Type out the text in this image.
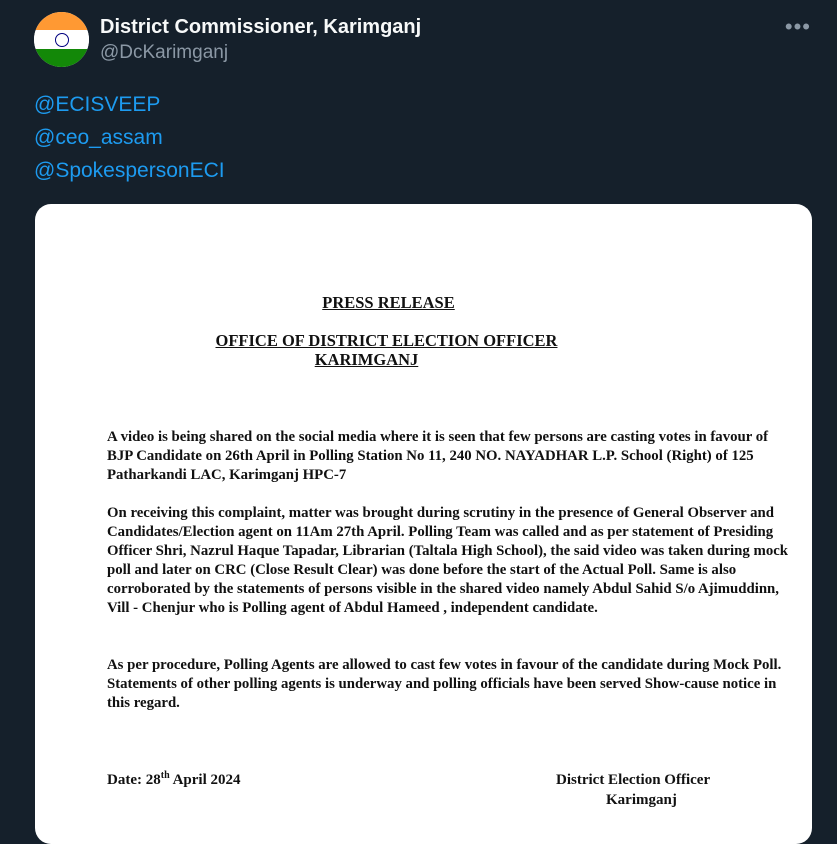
District Commissioner, Karimganj
@DcKarimganj
•••
@ECISVEEP
@ceo_assam
@SpokespersonECI
PRESS RELEASE
OFFICE OF DISTRICT ELECTION OFFICER
KARIMGANJ
A video is being shared on the social media where it is seen that few persons are casting votes in favour of BJP Candidate on 26th April in Polling Station No 11, 240 NO. NAYADHAR L.P. School (Right) of 125 Patharkandi LAC, Karimganj HPC-7
On receiving this complaint, matter was brought during scrutiny in the presence of General Observer and Candidates/Election agent on 11Am 27th April. Polling Team was called and as per statement of Presiding Officer Shri, Nazrul Haque Tapadar, Librarian (Taltala High School), the said video was taken during mock poll and later on CRC (Close Result Clear) was done before the start of the Actual Poll. Same is also corroborated by the statements of persons visible in the shared video namely Abdul Sahid S/o Ajimuddinn, Vill - Chenjur who is Polling agent of Abdul Hameed , independent candidate.
As per procedure, Polling Agents are allowed to cast few votes in favour of the candidate during Mock Poll. Statements of other polling agents is underway and polling officials have been served Show-cause notice in this regard.
Date: 28th April 2024	District Election Officer
Karimganj
